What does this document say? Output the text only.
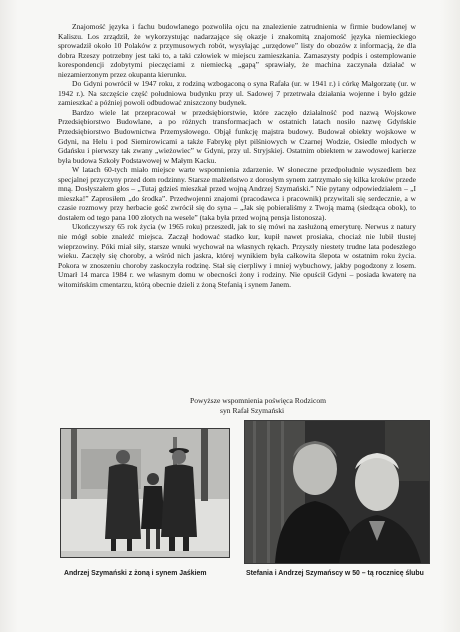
Znajomość języka i fachu budowlanego pozwoliła ojcu na znalezienie zatrudnienia w firmie budowlanej w Kaliszu. Los zrządził, że wykorzystując nadarzające się okazje i znakomitą znajomość języka niemieckiego sprowadził około 10 Polaków z przymusowych robót, wysyłając „urzędowe” listy do obozów z informacją, że dla dobra Rzeszy potrzebny jest taki to, a taki człowiek w miejscu zamieszkania. Zamaszysty podpis i ostemplowanie korespondencji zdobytymi pieczęciami z niemiecką „gapą” sprawiały, że machina zaczynała działać w niezamierzonym przez okupanta kierunku.

Do Gdyni powrócił w 1947 roku, z rodziną wzbogaconą o syna Rafała (ur. w 1941 r.) i córkę Małgorzatę (ur. w 1942 r.). Na szczęście część południowa budynku przy ul. Sadowej 7 przetrwała działania wojenne i było gdzie zamieszkać a później powoli odbudować zniszczony budynek.

Bardzo wiele lat przepracował w przedsiębiorstwie, które zaczęło działalność pod nazwą Wojskowe Przedsiębiorstwo Budowlane, a po różnych transformacjach w ostatnich latach nosiło nazwę Gdyńskie Przedsiębiorstwo Budownictwa Przemysłowego. Objął funkcję majstra budowy. Budował obiekty wojskowe w Gdyni, na Helu i pod Siemirowicami a także Fabrykę płyt pilśniowych w Czarnej Wodzie, Osiedle młodych w Gdańsku i pierwszy tak zwany „wieżowiec” w Gdyni, przy ul. Stryjskiej. Ostatnim obiektem w zawodowej karierze była budowa Szkoły Podstawowej w Małym Kacku.

W latach 60-tych miało miejsce warte wspomnienia zdarzenie. W słoneczne przedpołudnie wyszedłem bez specjalnej przyczyny przed dom rodzinny. Starsze małżeństwo z dorosłym synem zatrzymało się kilka kroków przede mną. Dosłyszałem głos – „Tutaj gdzieś mieszkał przed wojną Andrzej Szymański.” Nie pytany odpowiedziałem – „I mieszka!” Zaprosiłem „do środka”. Przedwojenni znajomi (pracodawca i pracownik) przywitali się serdecznie, a w czasie rozmowy przy herbacie gość zwrócił się do syna – „Jak się pobieraliśmy z Twoją mamą (siedząca obok), to dostałem od tego pana 100 złotych na wesele” (taka była przed wojną pensja listonosza).

Ukończywszy 65 rok życia (w 1965 roku) przeszedł, jak to się mówi na zasłużoną emeryturę. Nerwus z natury nie mógł sobie znaleźć miejsca. Zaczął hodować stadko kur, kupił nawet prosiaka, chociaż nie lubił tłustej wieprzowiny. Póki miał siły, starsze wnuki wychował na własnych rękach. Przyszły niestety trudne lata podeszłego wieku. Zaczęły się choroby, a wśród nich jaskra, której wynikiem była całkowita ślepota w ostatnim roku życia. Pokora w znoszeniu choroby zaskoczyła rodzinę. Stał się cierpliwy i mniej wybuchowy, jakby pogodzony z losem. Umarł 14 marca 1984 r. we własnym domu w obecności żony i rodziny. Nie opuścił Gdyni – posiada kwaterę na witomińskim cmentarzu, którą obecnie dzieli z żoną Stefanią i synem Janem.

Powyższe wspomnienia poświęca Rodzicom
syn Rafał Szymański
Andrzej Szymański z żoną i synem Jaśkiem	Stefania i Andrzej Szymańscy w 50 – tą rocznicę ślubu
